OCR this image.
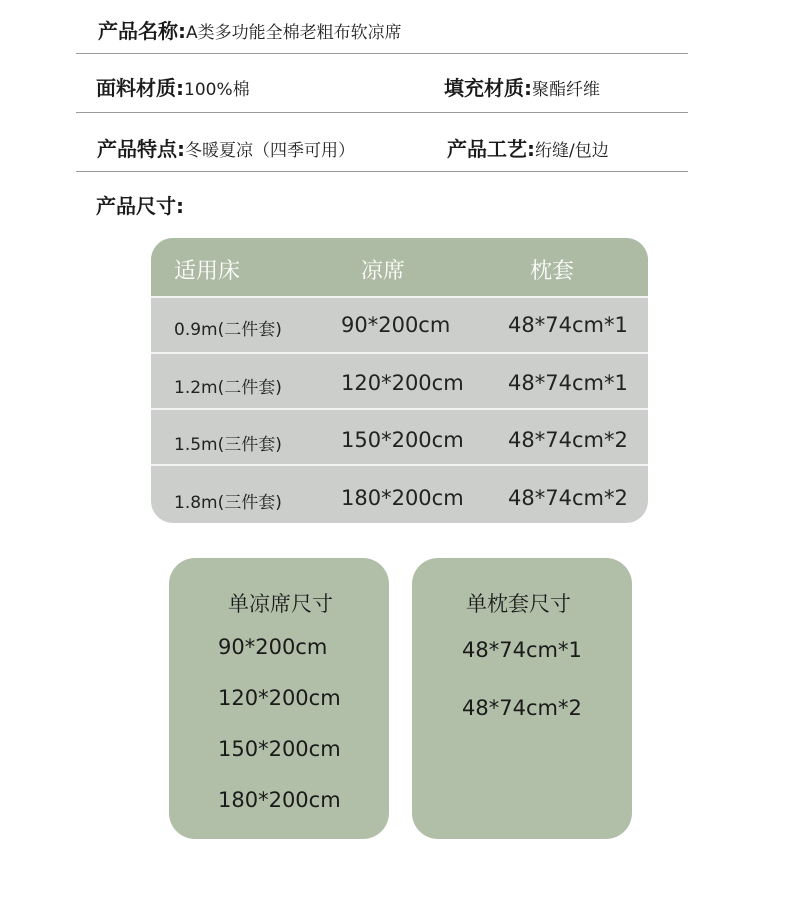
产品名称:A类多功能全棉老粗布软凉席
面料材质:100%棉	填充材质:聚酯纤维
产品特点:冬暖夏凉（四季可用）	产品工艺:绗缝/包边
产品尺寸:
适用床	凉席	枕套
0.9m(二件套)	90*200cm	48*74cm*1
1.2m(二件套)	120*200cm 48*74cm*1
1.5m(三件套)	150*200cm 48*74cm*2
1.8m(三件套)	180*200cm 48*74cm*2
单凉席尺寸
90*200cm
120*200cm
150*200cm
180*200cm
单枕套尺寸
48*74cm*1
48*74cm*2
